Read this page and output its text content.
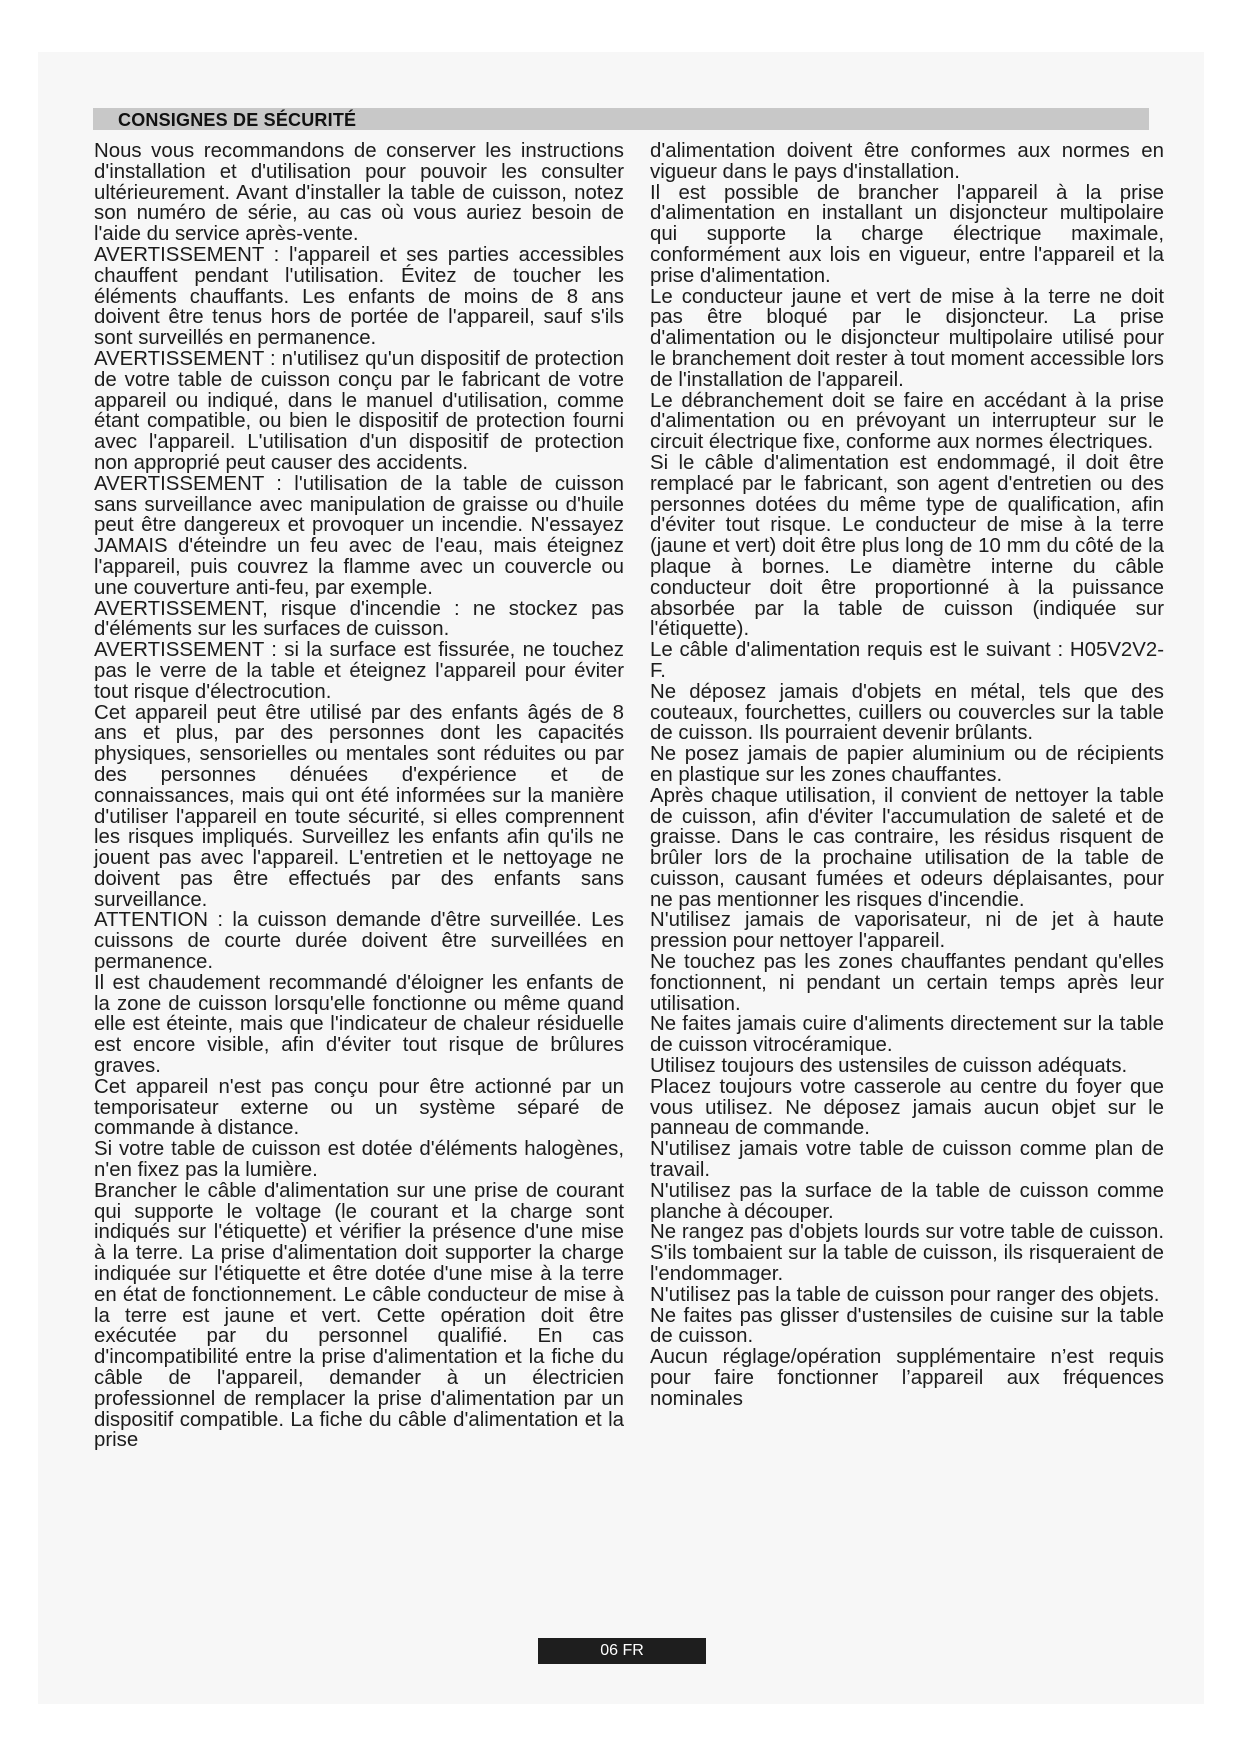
CONSIGNES DE SÉCURITÉ

Nous vous recommandons de conserver les instructions d'installation et d'utilisation pour pouvoir les consulter ultérieurement. Avant d'installer la table de cuisson, notez son numéro de série, au cas où vous auriez besoin de l'aide du service après-vente.

AVERTISSEMENT : l'appareil et ses parties accessibles chauffent pendant l'utilisation. Évitez de toucher les éléments chauffants. Les enfants de moins de 8 ans doivent être tenus hors de portée de l'appareil, sauf s'ils sont surveillés en permanence.

AVERTISSEMENT : n'utilisez qu'un dispositif de protection de votre table de cuisson conçu par le fabricant de votre appareil ou indiqué, dans le manuel d'utilisation, comme étant compatible, ou bien le dispositif de protection fourni avec l'appareil. L'utilisation d'un dispositif de protection non approprié peut causer des accidents.

AVERTISSEMENT : l'utilisation de la table de cuisson sans surveillance avec manipulation de graisse ou d'huile peut être dangereux et provoquer un incendie. N'essayez JAMAIS d'éteindre un feu avec de l'eau, mais éteignez l'appareil, puis couvrez la flamme avec un couvercle ou une couverture anti-feu, par exemple.

AVERTISSEMENT, risque d'incendie : ne stockez pas d'éléments sur les surfaces de cuisson.

AVERTISSEMENT : si la surface est fissurée, ne touchez pas le verre de la table et éteignez l'appareil pour éviter tout risque d'électrocution.

Cet appareil peut être utilisé par des enfants âgés de 8 ans et plus, par des personnes dont les capacités physiques, sensorielles ou mentales sont réduites ou par des personnes dénuées d'expérience et de connaissances, mais qui ont été informées sur la manière d'utiliser l'appareil en toute sécurité, si elles comprennent les risques impliqués. Surveillez les enfants afin qu'ils ne jouent pas avec l'appareil. L'entretien et le nettoyage ne doivent pas être effectués par des enfants sans surveillance.

ATTENTION : la cuisson demande d'être surveillée. Les cuissons de courte durée doivent être surveillées en permanence.

Il est chaudement recommandé d'éloigner les enfants de la zone de cuisson lorsqu'elle fonctionne ou même quand elle est éteinte, mais que l'indicateur de chaleur résiduelle est encore visible, afin d'éviter tout risque de brûlures graves.

Cet appareil n'est pas conçu pour être actionné par un temporisateur externe ou un système séparé de commande à distance.

Si votre table de cuisson est dotée d'éléments halogènes, n'en fixez pas la lumière.

Brancher le câble d'alimentation sur une prise de courant qui supporte le voltage (le courant et la charge sont indiqués sur l'étiquette) et vérifier la présence d'une mise à la terre. La prise d'alimentation doit supporter la charge indiquée sur l'étiquette et être dotée d'une mise à la terre en état de fonctionnement. Le câble conducteur de mise à la terre est jaune et vert. Cette opération doit être exécutée par du personnel qualifié. En cas d'incompatibilité entre la prise d'alimentation et la fiche du câble de l'appareil, demander à un électricien professionnel de remplacer la prise d'alimentation par un dispositif compatible. La fiche du câble d'alimentation et la prise

d'alimentation doivent être conformes aux normes en vigueur dans le pays d'installation.

Il est possible de brancher l'appareil à la prise d'alimentation en installant un disjoncteur multipolaire qui supporte la charge électrique maximale, conformément aux lois en vigueur, entre l'appareil et la prise d'alimentation.

Le conducteur jaune et vert de mise à la terre ne doit pas être bloqué par le disjoncteur. La prise d'alimentation ou le disjoncteur multipolaire utilisé pour le branchement doit rester à tout moment accessible lors de l'installation de l'appareil.

Le débranchement doit se faire en accédant à la prise d'alimentation ou en prévoyant un interrupteur sur le circuit électrique fixe, conforme aux normes électriques.

Si le câble d'alimentation est endommagé, il doit être remplacé par le fabricant, son agent d'entretien ou des personnes dotées du même type de qualification, afin d'éviter tout risque. Le conducteur de mise à la terre (jaune et vert) doit être plus long de 10 mm du côté de la plaque à bornes. Le diamètre interne du câble conducteur doit être proportionné à la puissance absorbée par la table de cuisson (indiquée sur l'étiquette).

Le câble d'alimentation requis est le suivant : H05V2V2-F.

Ne déposez jamais d'objets en métal, tels que des couteaux, fourchettes, cuillers ou couvercles sur la table de cuisson. Ils pourraient devenir brûlants.

Ne posez jamais de papier aluminium ou de récipients en plastique sur les zones chauffantes.

Après chaque utilisation, il convient de nettoyer la table de cuisson, afin d'éviter l'accumulation de saleté et de graisse. Dans le cas contraire, les résidus risquent de brûler lors de la prochaine utilisation de la table de cuisson, causant fumées et odeurs déplaisantes, pour ne pas mentionner les risques d'incendie.

N'utilisez jamais de vaporisateur, ni de jet à haute pression pour nettoyer l'appareil.

Ne touchez pas les zones chauffantes pendant qu'elles fonctionnent, ni pendant un certain temps après leur utilisation.

Ne faites jamais cuire d'aliments directement sur la table de cuisson vitrocéramique.

Utilisez toujours des ustensiles de cuisson adéquats.

Placez toujours votre casserole au centre du foyer que vous utilisez. Ne déposez jamais aucun objet sur le panneau de commande.

N'utilisez jamais votre table de cuisson comme plan de travail.

N'utilisez pas la surface de la table de cuisson comme planche à découper.

Ne rangez pas d'objets lourds sur votre table de cuisson. S'ils tombaient sur la table de cuisson, ils risqueraient de l'endommager.

N'utilisez pas la table de cuisson pour ranger des objets.

Ne faites pas glisser d'ustensiles de cuisine sur la table de cuisson.

Aucun réglage/opération supplémentaire n’est requis pour faire fonctionner l’appareil aux fréquences nominales

06 FR
